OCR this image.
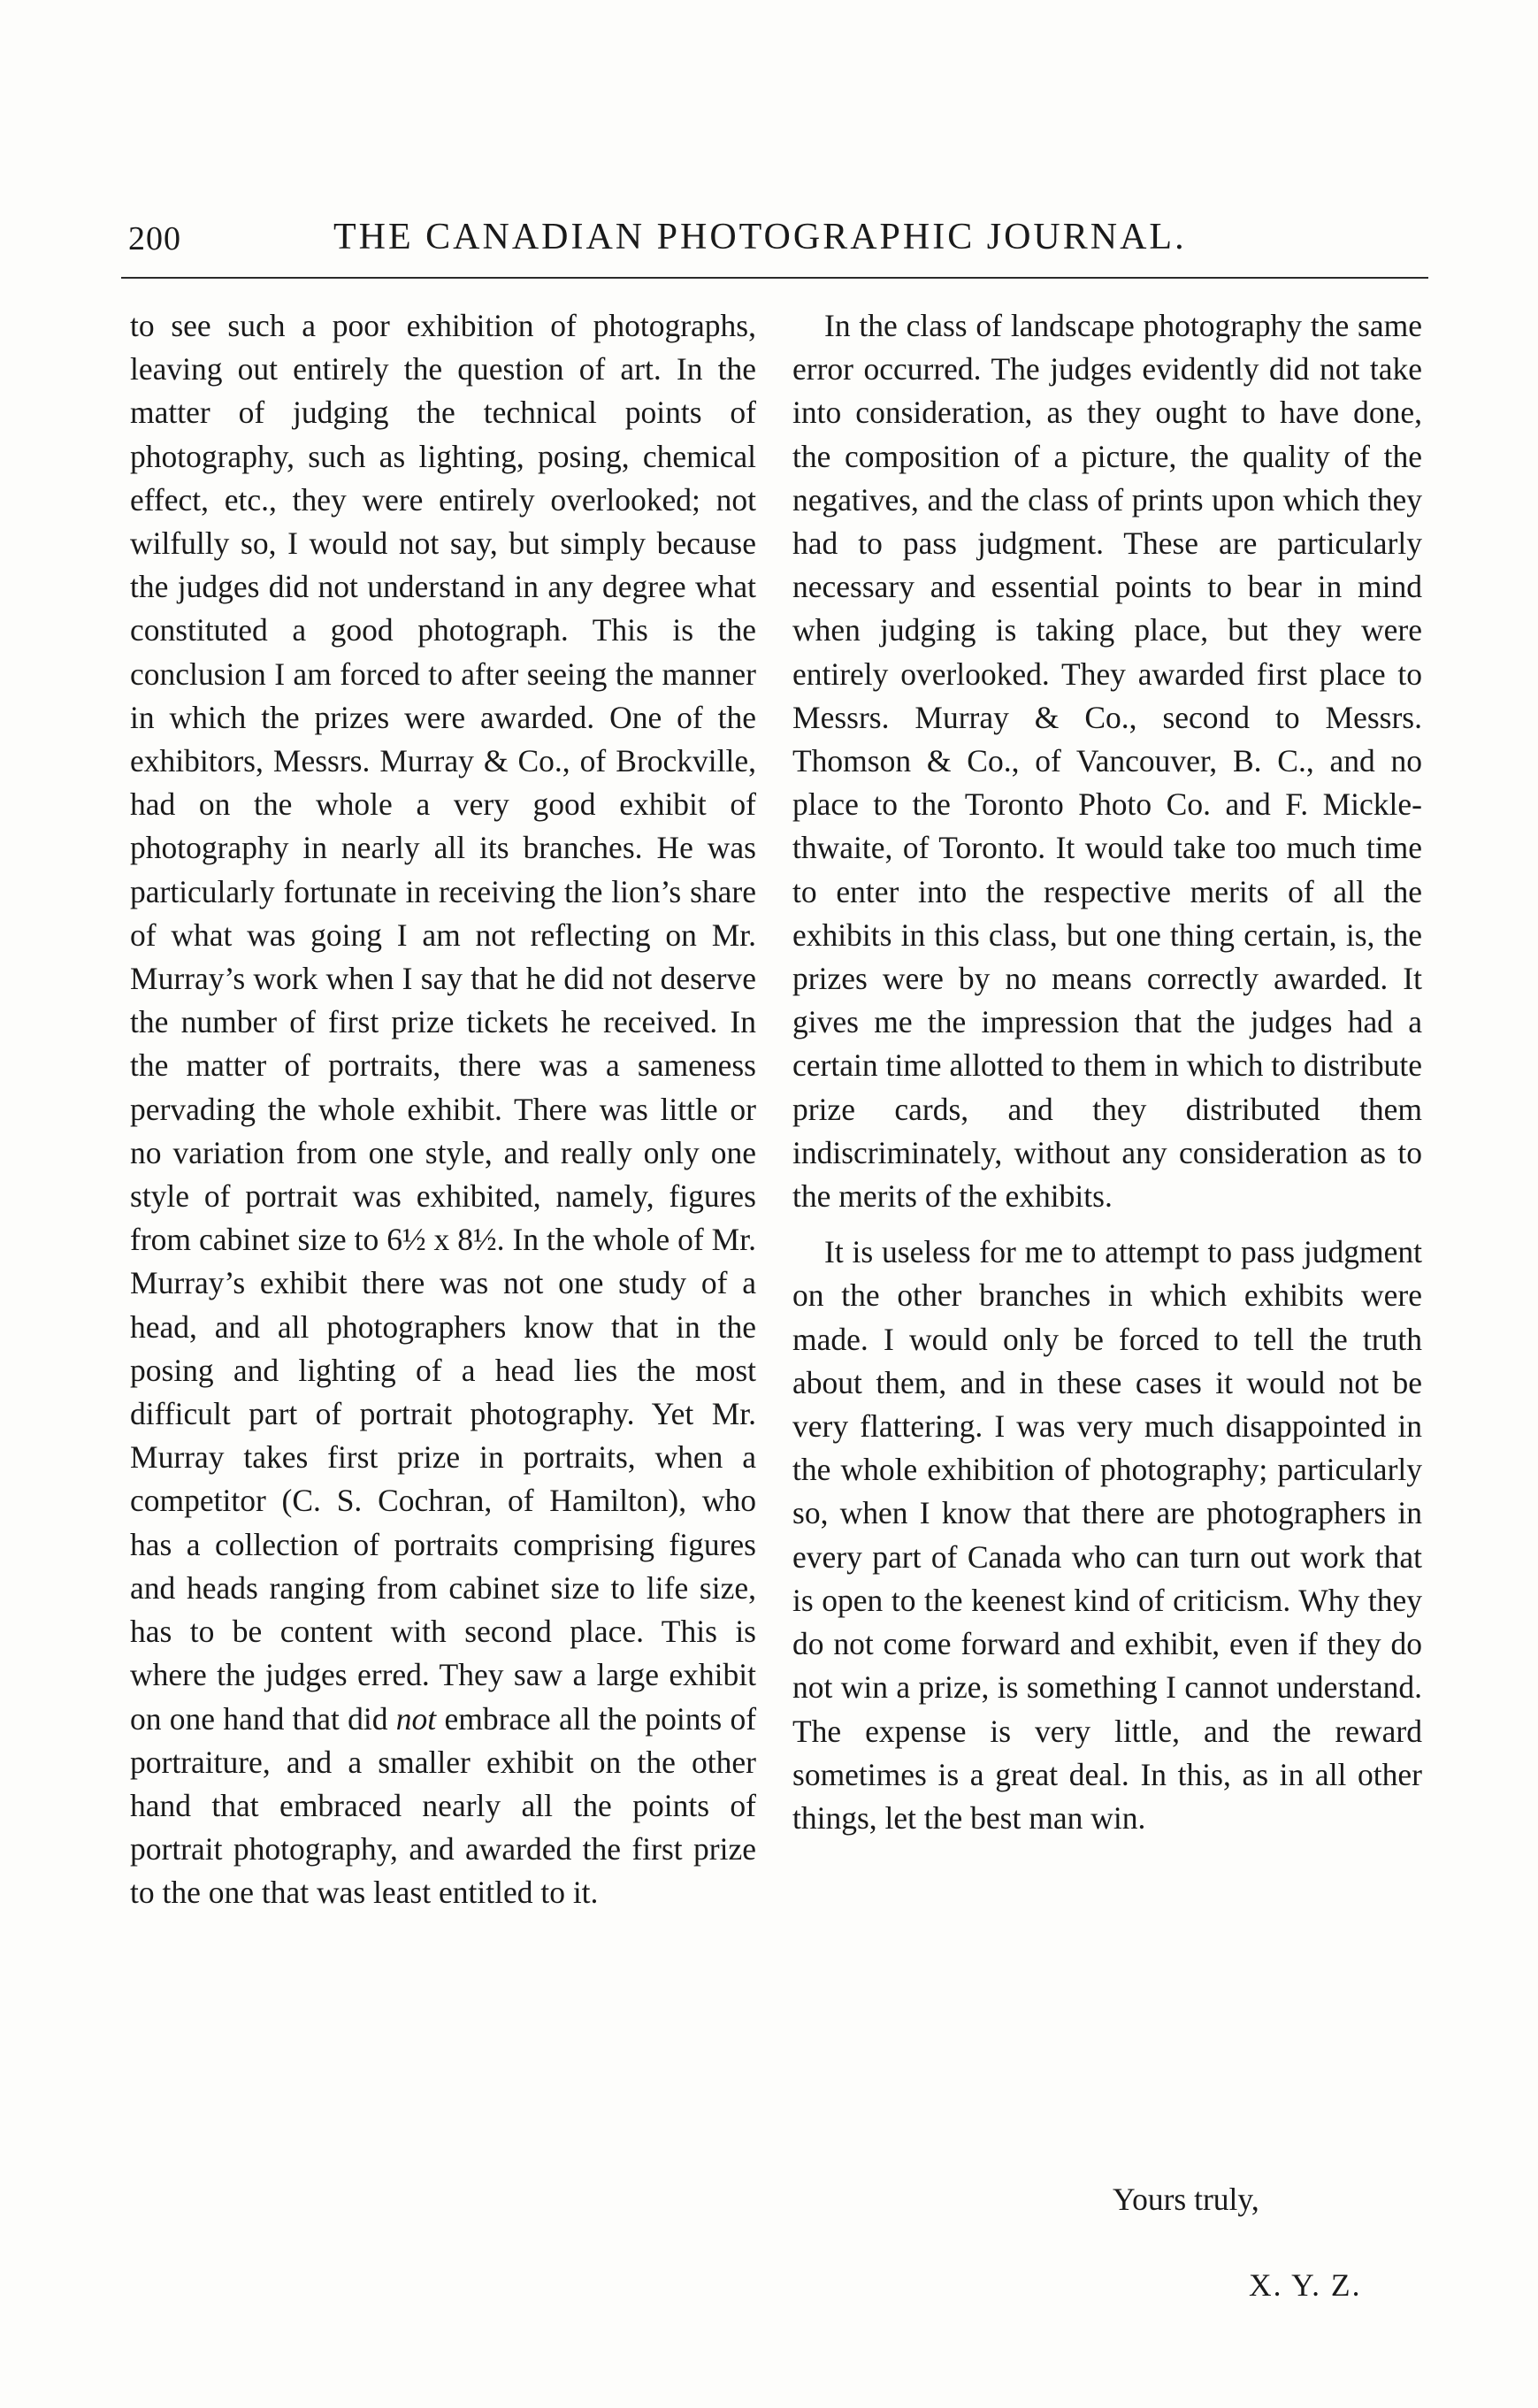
200	THE CANADIAN PHOTOGRAPHIC JOURNAL.

to see such a poor exhibition of photographs, leaving out entirely the question of art. In the matter of judging the technical points of photography, such as lighting, posing, chemical effect, etc., they were entirely overlooked; not wilfully so, I would not say, but simply because the judges did not understand in any degree what constituted a good photograph. This is the conclusion I am forced to after seeing the manner in which the prizes were awarded. One of the exhibitors, Messrs. Murray & Co., of Brockville, had on the whole a very good exhibit of photography in nearly all its branches. He was particularly fortunate in receiving the lion’s share of what was going I am not reflecting on Mr. Murray’s work when I say that he did not deserve the number of first prize tickets he received. In the matter of portraits, there was a sameness pervading the whole exhibit. There was little or no variation from one style, and really only one style of portrait was exhibited, namely, figures from cabinet size to 6½ x 8½. In the whole of Mr. Murray’s exhibit there was not one study of a head, and all photographers know that in the posing and lighting of a head lies the most difficult part of portrait photography. Yet Mr. Murray takes first prize in portraits, when a competitor (C. S. Cochran, of Hamilton), who has a collection of portraits comprising figures and heads ranging from cabinet size to life size, has to be content with second place. This is where the judges erred. They saw a large exhibit on one hand that did not embrace all the points of portraiture, and a smaller exhibit on the other hand that embraced nearly all the points of portrait photography, and awarded the first prize to the one that was least entitled to it.

In the class of landscape photography the same error occurred. The judges evidently did not take into consideration, as they ought to have done, the composition of a picture, the quality of the negatives, and the class of prints upon which they had to pass judgment. These are particularly necessary and essential points to bear in mind when judging is taking place, but they were entirely overlooked. They awarded first place to Messrs. Murray & Co., second to Messrs. Thomson & Co., of Vancouver, B. C., and no place to the Toronto Photo Co. and F. Micklethwaite, of Toronto. It would take too much time to enter into the respective merits of all the exhibits in this class, but one thing certain, is, the prizes were by no means correctly awarded. It gives me the impression that the judges had a certain time allotted to them in which to distribute prize cards, and they distributed them indiscriminately, without any consideration as to the merits of the exhibits.

It is useless for me to attempt to pass judgment on the other branches in which exhibits were made. I would only be forced to tell the truth about them, and in these cases it would not be very flattering. I was very much disappointed in the whole exhibition of photography; particularly so, when I know that there are photographers in every part of Canada who can turn out work that is open to the keenest kind of criticism. Why they do not come forward and exhibit, even if they do not win a prize, is something I cannot understand. The expense is very little, and the reward sometimes is a great deal. In this, as in all other things, let the best man win.

Yours truly,
X. Y. Z.
